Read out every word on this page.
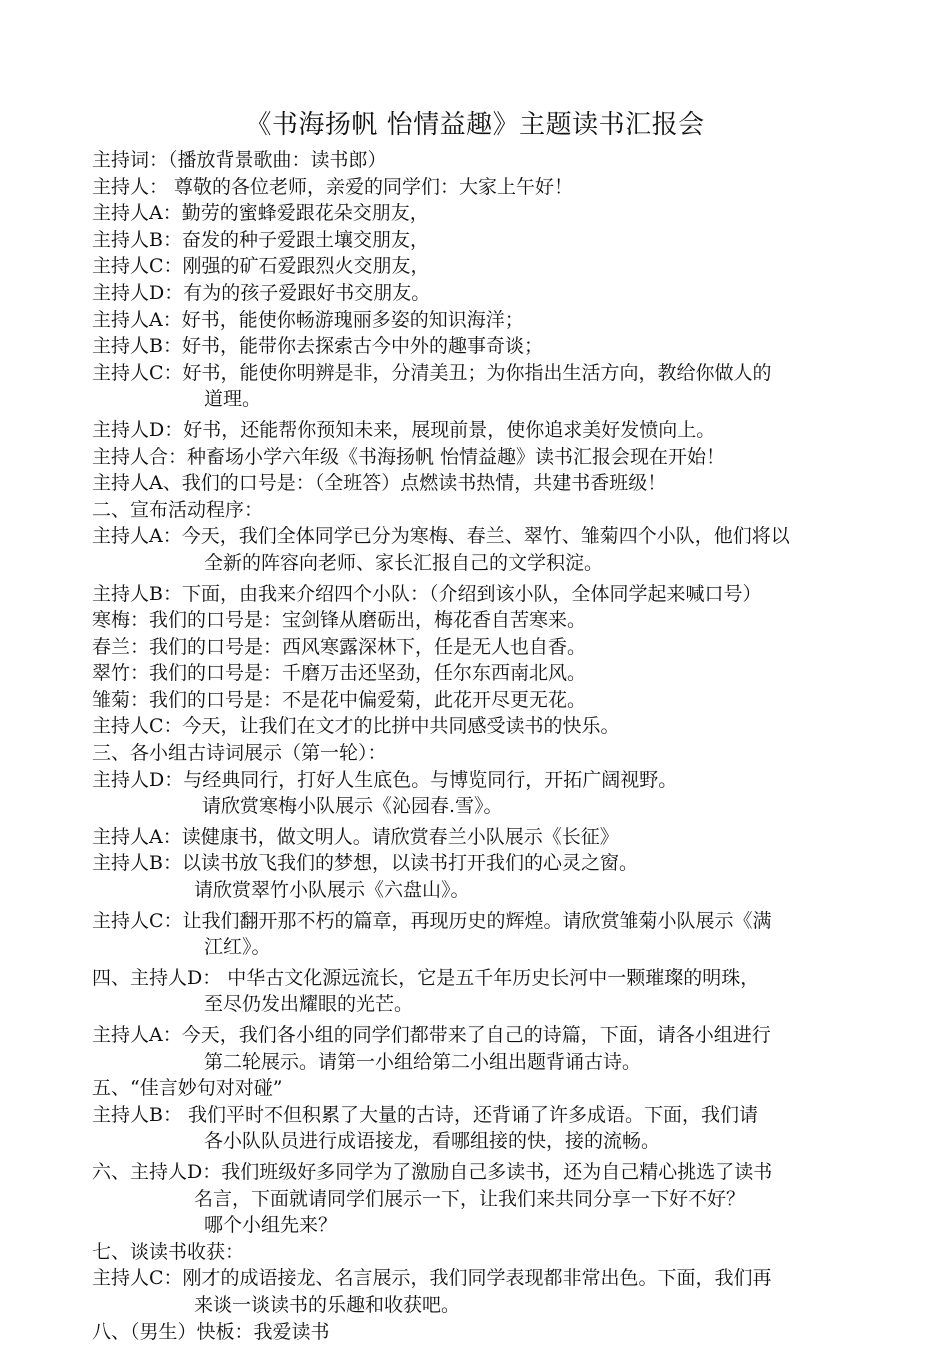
《书海扬帆 怡情益趣》主题读书汇报会
主持词：（播放背景歌曲：读书郎）
主持人： 尊敬的各位老师，亲爱的同学们：大家上午好！
主持人A：勤劳的蜜蜂爱跟花朵交朋友，
主持人B：奋发的种子爱跟土壤交朋友，
主持人C：刚强的矿石爱跟烈火交朋友，
主持人D：有为的孩子爱跟好书交朋友。
主持人A：好书，能使你畅游瑰丽多姿的知识海洋；
主持人B：好书，能带你去探索古今中外的趣事奇谈；
主持人C：好书，能使你明辨是非，分清美丑；为你指出生活方向，教给你做人的
道理。
主持人D：好书，还能帮你预知未来，展现前景，使你追求美好发愤向上。
主持人合：种畜场小学六年级《书海扬帆 怡情益趣》读书汇报会现在开始！
主持人A、我们的口号是：（全班答）点燃读书热情，共建书香班级！
二、宣布活动程序：
主持人A：今天，我们全体同学已分为寒梅、春兰、翠竹、雏菊四个小队，他们将以
全新的阵容向老师、家长汇报自己的文学积淀。
主持人B：下面，由我来介绍四个小队：（介绍到该小队，全体同学起来喊口号）
寒梅：我们的口号是：宝剑锋从磨砺出，梅花香自苦寒来。
春兰：我们的口号是：西风寒露深林下，任是无人也自香。
翠竹：我们的口号是：千磨万击还坚劲，任尔东西南北风。
雏菊：我们的口号是：不是花中偏爱菊，此花开尽更无花。
主持人C：今天，让我们在文才的比拼中共同感受读书的快乐。
三、各小组古诗词展示（第一轮）：
主持人D：与经典同行，打好人生底色。与博览同行，开拓广阔视野。
请欣赏寒梅小队展示《沁园春.雪》。
主持人A：读健康书，做文明人。请欣赏春兰小队展示《长征》
主持人B：以读书放飞我们的梦想，以读书打开我们的心灵之窗。
请欣赏翠竹小队展示《六盘山》。
主持人C：让我们翻开那不朽的篇章，再现历史的辉煌。请欣赏雏菊小队展示《满
江红》。
四、主持人D： 中华古文化源远流长，它是五千年历史长河中一颗璀璨的明珠，
至尽仍发出耀眼的光芒。
主持人A：今天，我们各小组的同学们都带来了自己的诗篇，下面，请各小组进行
第二轮展示。请第一小组给第二小组出题背诵古诗。
五、“佳言妙句对对碰”
主持人B： 我们平时不但积累了大量的古诗，还背诵了许多成语。下面，我们请
各小队队员进行成语接龙，看哪组接的快，接的流畅。
六、主持人D：我们班级好多同学为了激励自己多读书，还为自己精心挑选了读书
名言，下面就请同学们展示一下，让我们来共同分享一下好不好？
哪个小组先来？
七、谈读书收获：
主持人C：刚才的成语接龙、名言展示，我们同学表现都非常出色。下面，我们再
来谈一谈读书的乐趣和收获吧。
八、（男生）快板：我爱读书
